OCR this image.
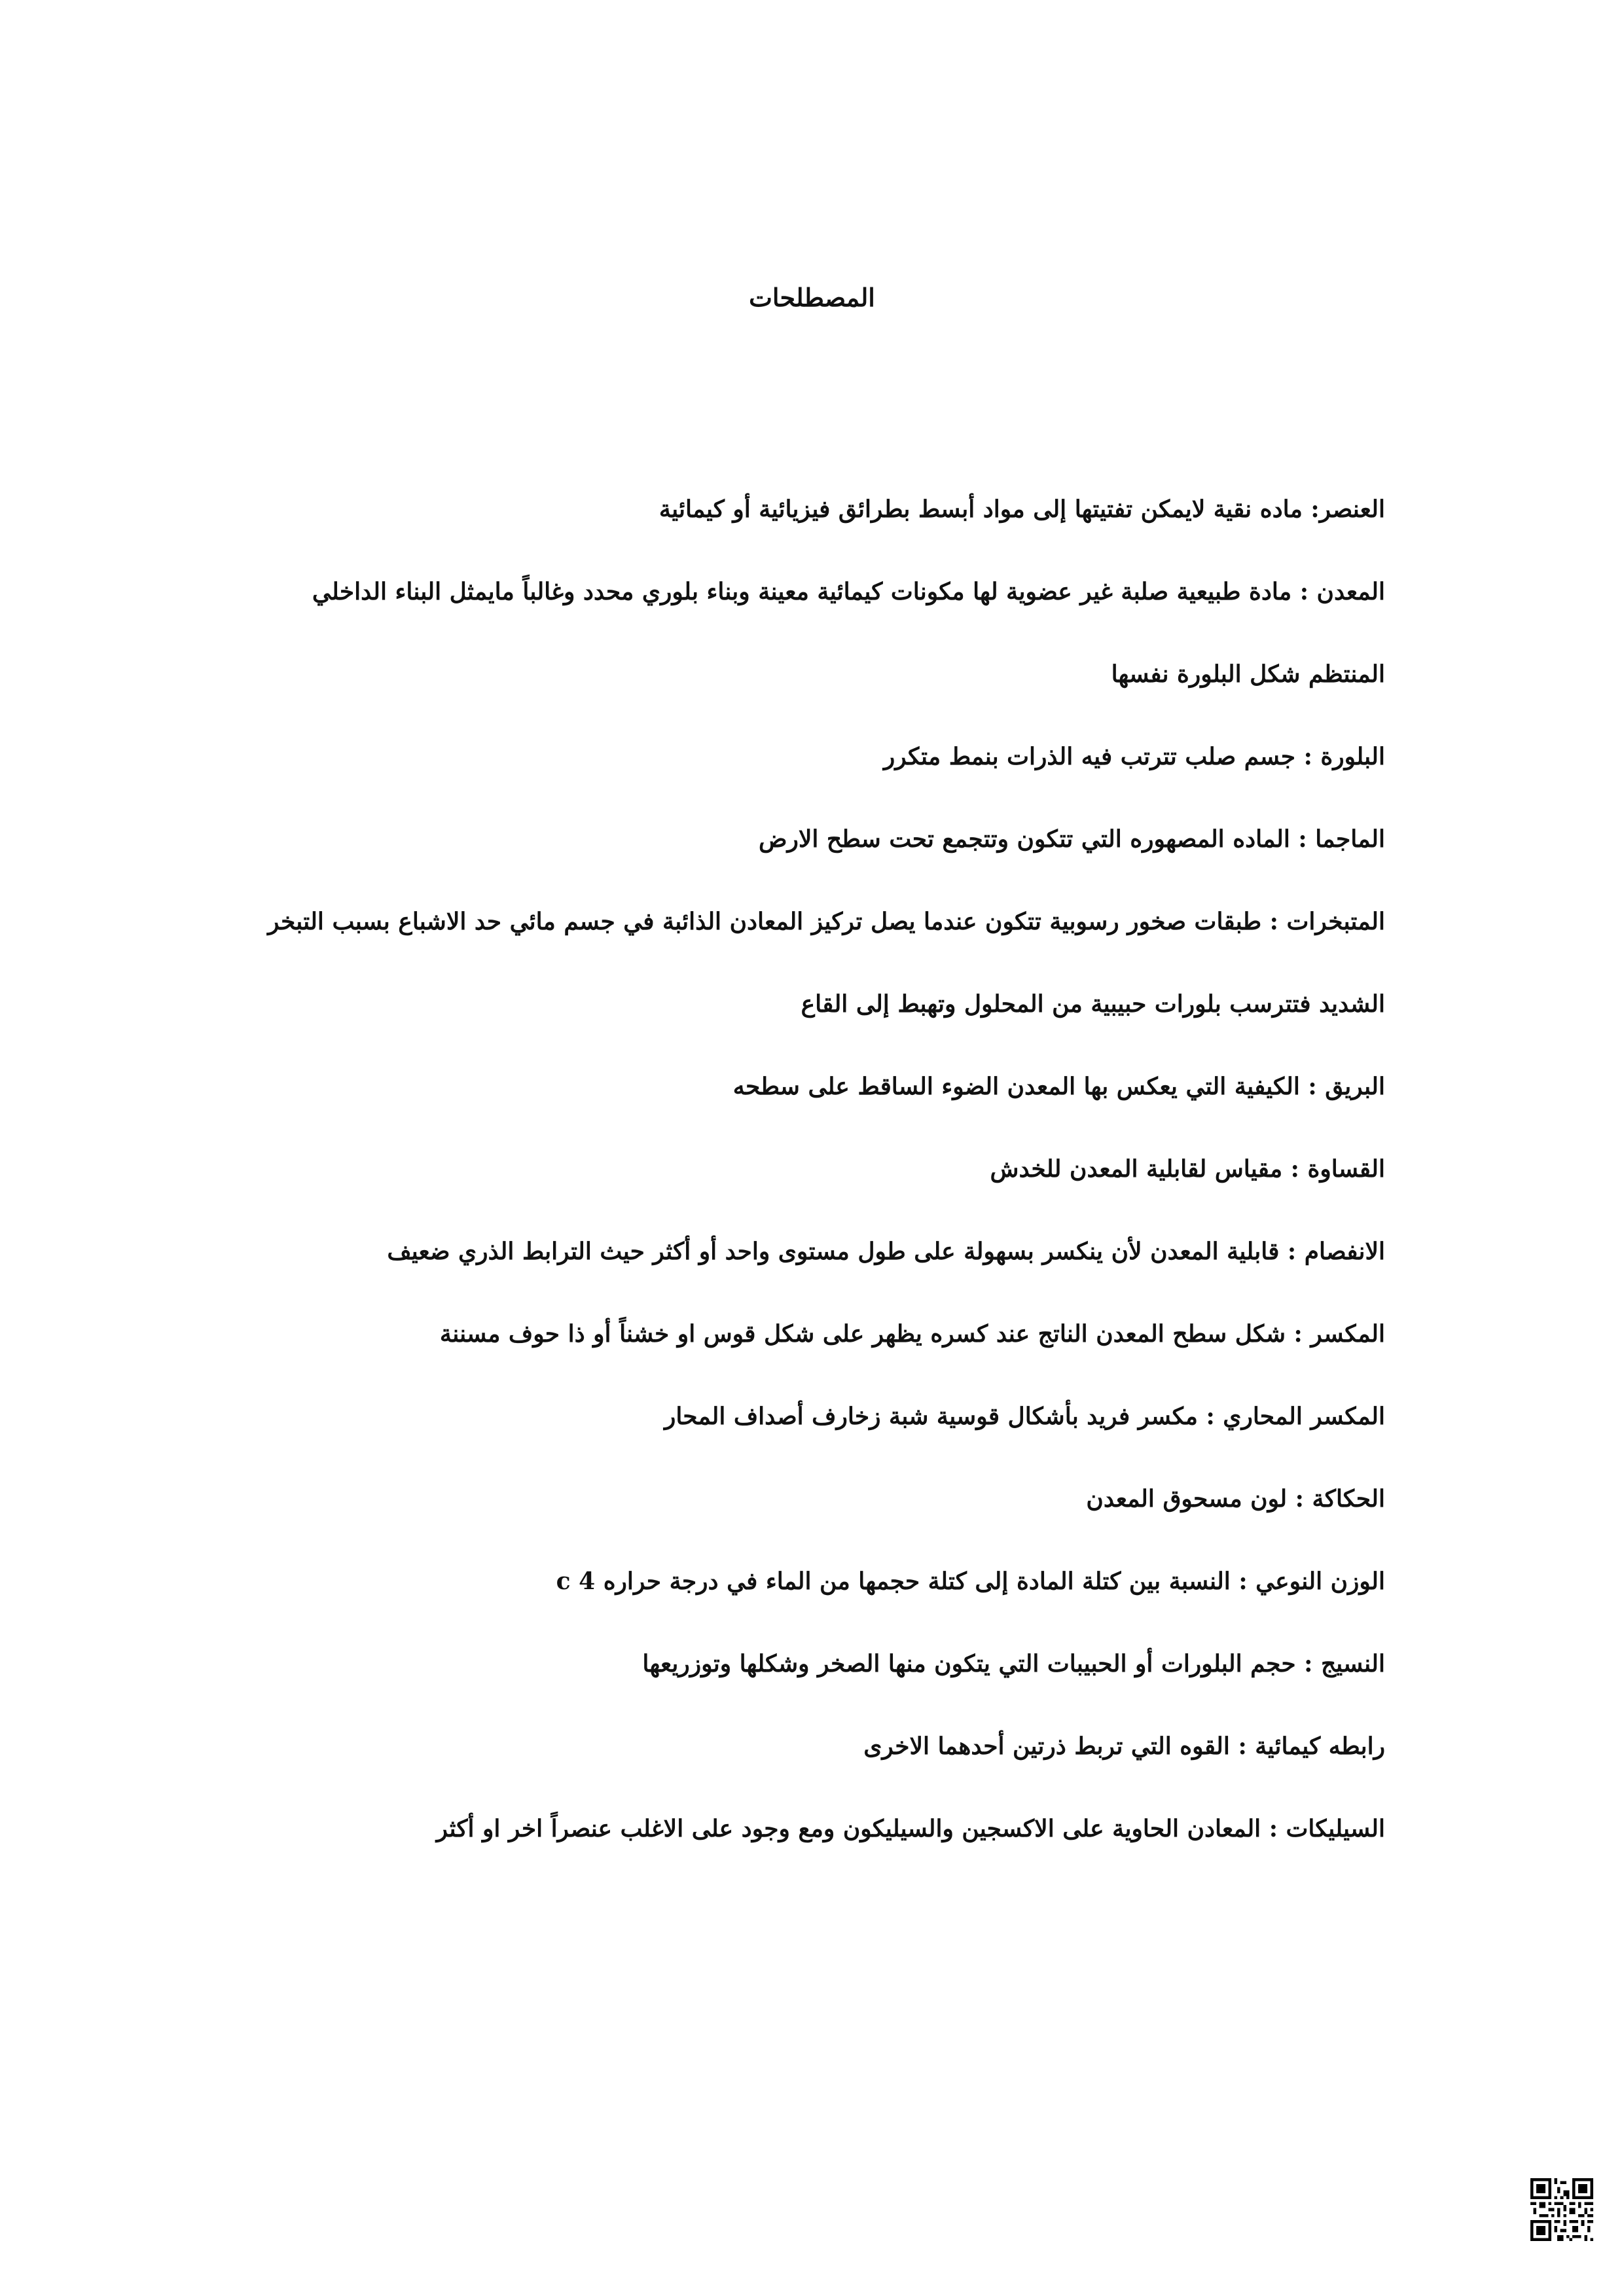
المصطلحات

العنصر: ماده نقية لايمكن تفتيتها إلى مواد أبسط بطرائق فيزيائية أو كيمائية

المعدن : مادة طبيعية صلبة غير عضوية لها مكونات كيمائية معينة وبناء بلوري محدد وغالباً مايمثل البناء الداخلي المنتظم شكل البلورة نفسها

البلورة : جسم صلب تترتب فيه الذرات بنمط متكرر

الماجما : الماده المصهوره التي تتكون وتتجمع تحت سطح الارض

المتبخرات : طبقات صخور رسوبية تتكون عندما يصل تركيز المعادن الذائبة في جسم مائي حد الاشباع بسبب التبخر الشديد فتترسب بلورات حبيبية من المحلول وتهبط إلى القاع

البريق : الكيفية التي يعكس بها المعدن الضوء الساقط على سطحه

القساوة : مقياس لقابلية المعدن للخدش

الانفصام : قابلية المعدن لأن ينكسر بسهولة على طول مستوى واحد أو أكثر حيث الترابط الذري ضعيف

المكسر : شكل سطح المعدن الناتج عند كسره يظهر على شكل قوس او خشناً أو ذا حوف مسننة

المكسر المحاري : مكسر فريد بأشكال قوسية شبة زخارف أصداف المحار

الحكاكة : لون مسحوق المعدن

الوزن النوعي : النسبة بين كتلة المادة إلى كتلة حجمها من الماء في درجة حراره 4 c

النسيج : حجم البلورات أو الحبيبات التي يتكون منها الصخر وشكلها وتوزريعها

رابطه كيمائية : القوه التي تربط ذرتين أحدهما الاخرى

السيليكات : المعادن الحاوية على الاكسجين والسيليكون ومع وجود على الاغلب عنصراً اخر او أكثر
